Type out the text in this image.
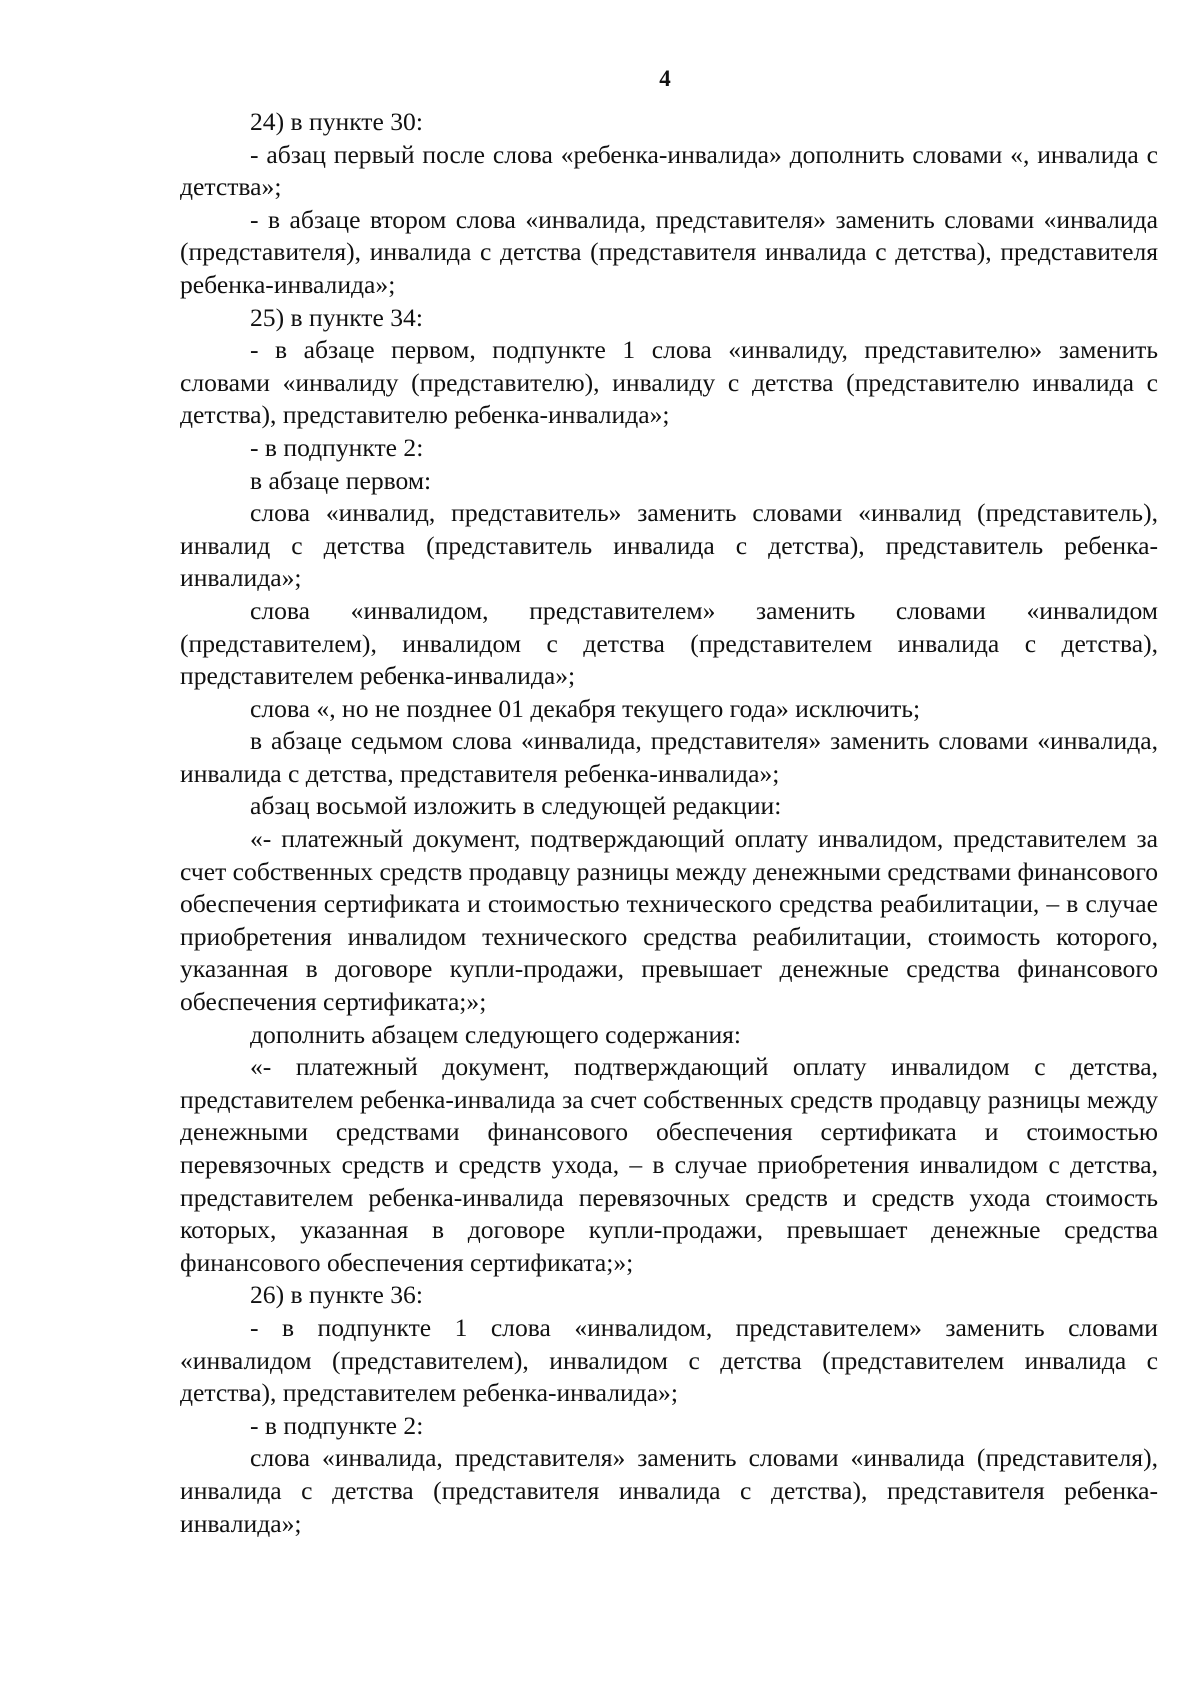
4

24) в пункте 30:

- абзац первый после слова «ребенка-инвалида» дополнить словами «, инвалида с детства»;

- в абзаце втором слова «инвалида, представителя» заменить словами «инвалида (представителя), инвалида с детства (представителя инвалида с детства), представителя ребенка-инвалида»;

25) в пункте 34:

- в абзаце первом, подпункте 1 слова «инвалиду, представителю» заменить словами «инвалиду (представителю), инвалиду с детства (представителю инвалида с детства), представителю ребенка-инвалида»;

- в подпункте 2:

в абзаце первом:

слова «инвалид, представитель» заменить словами «инвалид (представитель), инвалид с детства (представитель инвалида с детства), представитель ребенка-инвалида»;

слова «инвалидом, представителем» заменить словами «инвалидом (представителем), инвалидом с детства (представителем инвалида с детства), представителем ребенка-инвалида»;

слова «, но не позднее 01 декабря текущего года» исключить;

в абзаце седьмом слова «инвалида, представителя» заменить словами «инвалида, инвалида с детства, представителя ребенка-инвалида»;

абзац восьмой изложить в следующей редакции:

«- платежный документ, подтверждающий оплату инвалидом, представителем за счет собственных средств продавцу разницы между денежными средствами финансового обеспечения сертификата и стоимостью технического средства реабилитации, – в случае приобретения инвалидом технического средства реабилитации, стоимость которого, указанная в договоре купли-продажи, превышает денежные средства финансового обеспечения сертификата;»;

дополнить абзацем следующего содержания:

«- платежный документ, подтверждающий оплату инвалидом с детства, представителем ребенка-инвалида за счет собственных средств продавцу разницы между денежными средствами финансового обеспечения сертификата и стоимостью перевязочных средств и средств ухода, – в случае приобретения инвалидом с детства, представителем ребенка-инвалида перевязочных средств и средств ухода стоимость которых, указанная в договоре купли-продажи, превышает денежные средства финансового обеспечения сертификата;»;

26) в пункте 36:

- в подпункте 1 слова «инвалидом, представителем» заменить словами «инвалидом (представителем), инвалидом с детства (представителем инвалида с детства), представителем ребенка-инвалида»;

- в подпункте 2:

слова «инвалида, представителя» заменить словами «инвалида (представителя), инвалида с детства (представителя инвалида с детства), представителя ребенка-инвалида»;
